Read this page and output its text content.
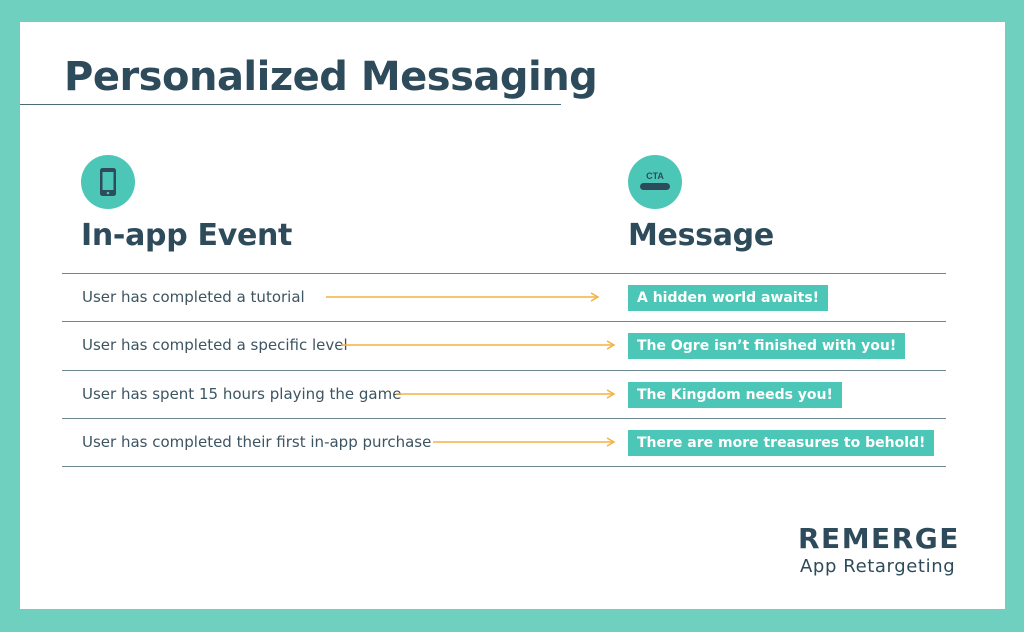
Personalized Messaging
In-app Event
CTA
Message
User has completed a tutorial	A hidden world awaits!
User has completed a specific level	The Ogre isn’t finished with you!
User has spent 15 hours playing the game	The Kingdom needs you!
User has completed their first in-app purchase	There are more treasures to behold!
REMERGE
App Retargeting
